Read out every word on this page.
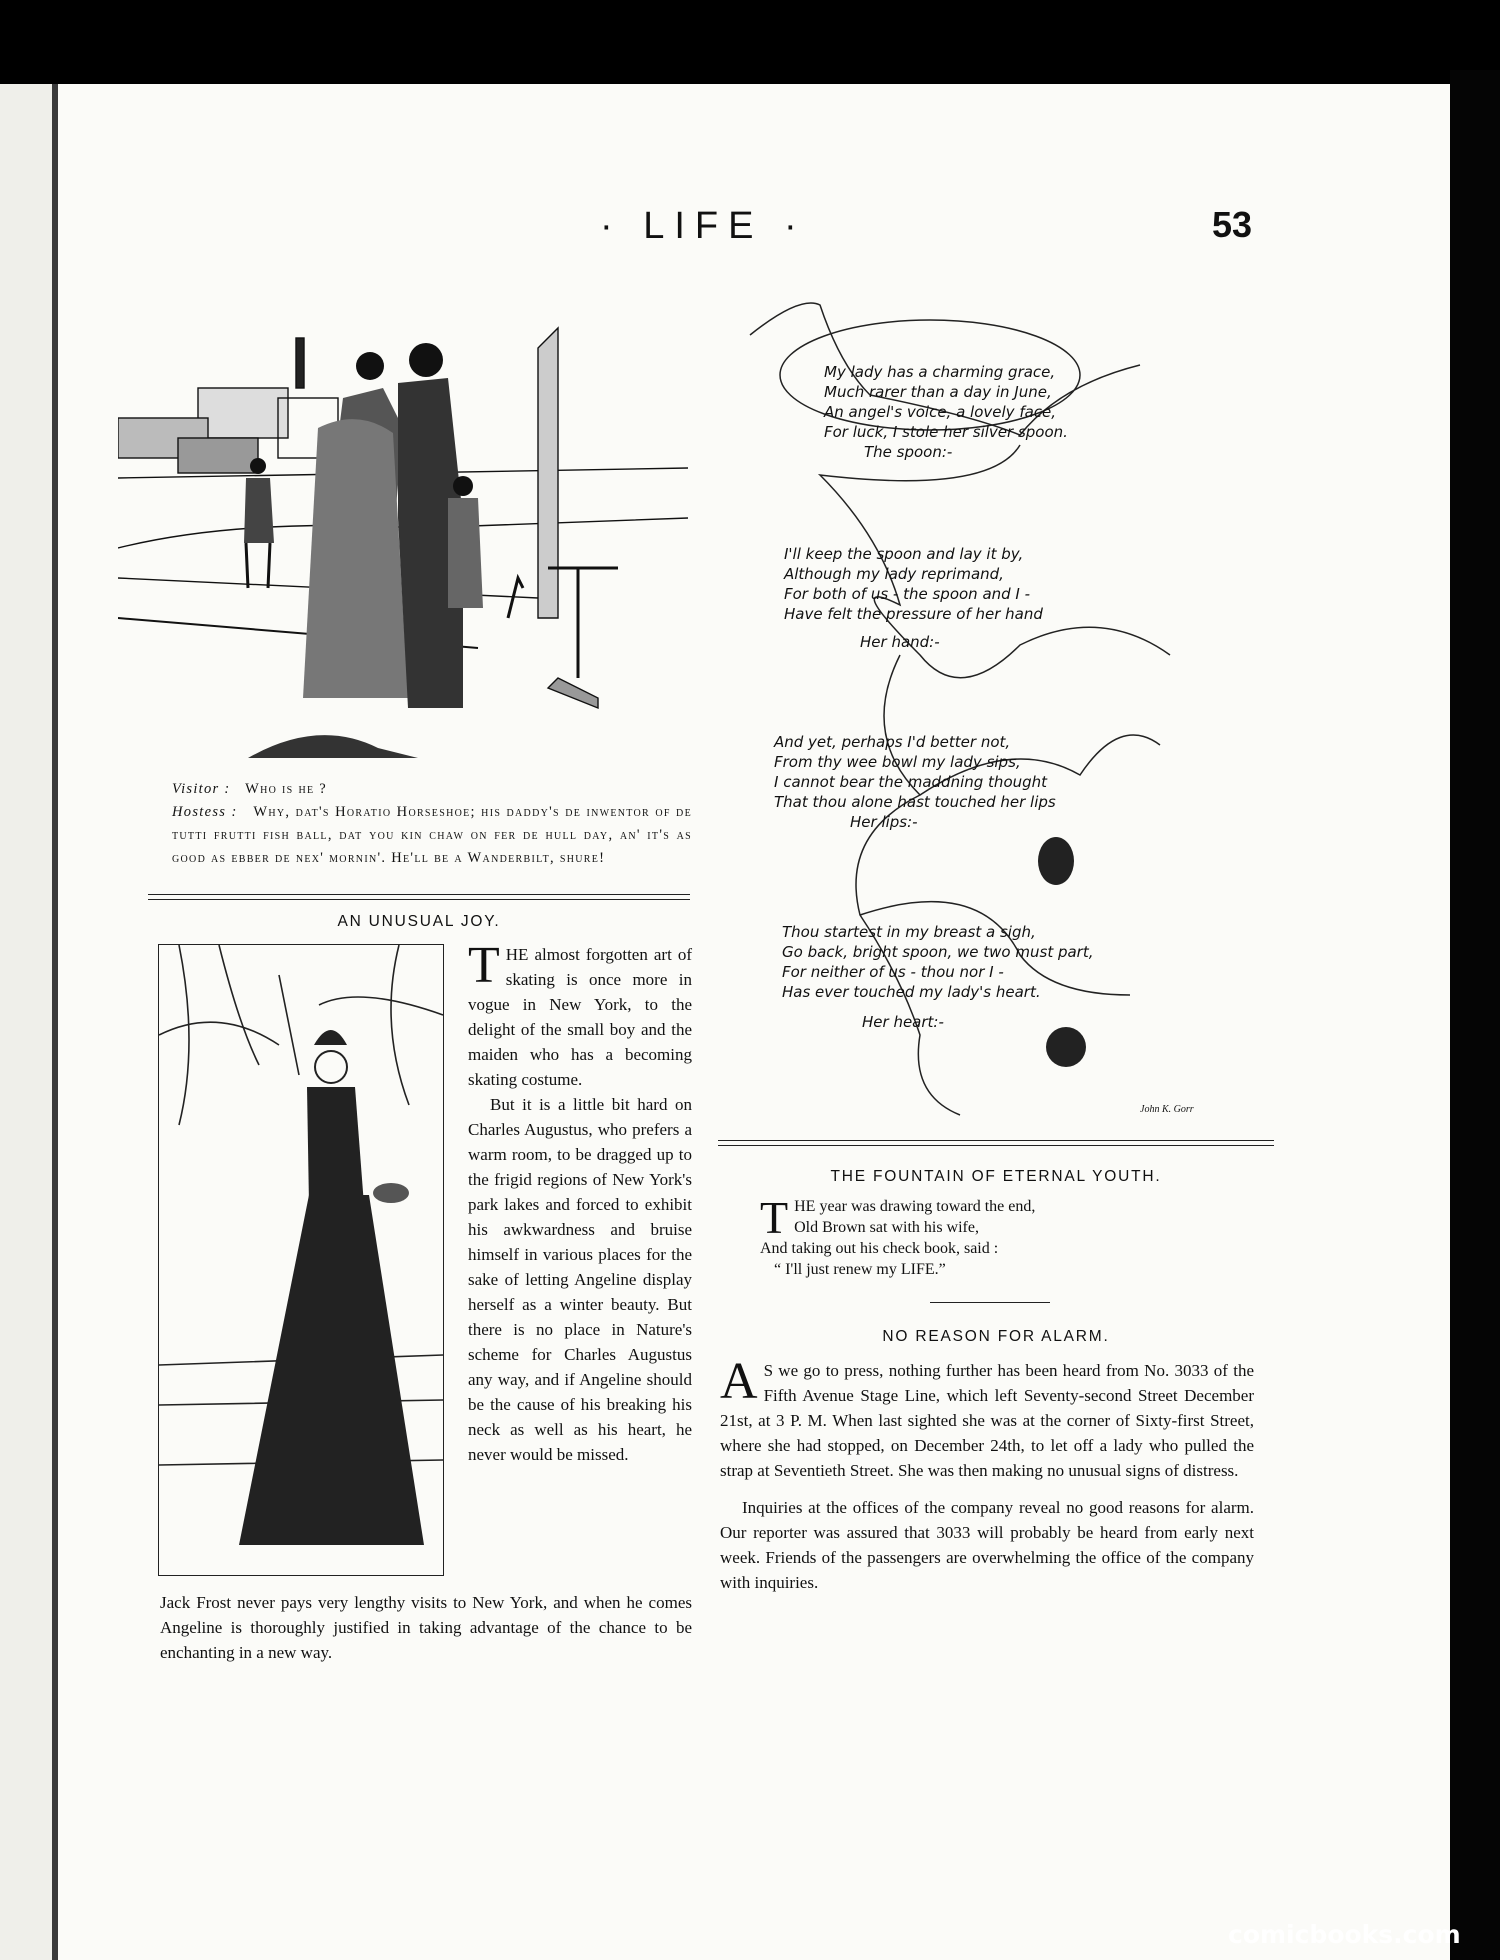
· LIFE ·	53
Visitor : Who is he ?
Hostess : Why, dat's Horatio Horseshoe; his daddy's de inwentor of de tutti frutti fish ball, dat you kin chaw on fer de hull day, an' it's as good as ebber de nex' mornin'. He'll be a Wanderbilt, shure!
AN UNUSUAL JOY.

THE almost forgotten art of skating is once more in vogue in New York, to the delight of the small boy and the maiden who has a becoming skating costume.

But it is a little bit hard on Charles Augustus, who prefers a warm room, to be dragged up to the frigid regions of New York's park lakes and forced to exhibit his awkwardness and bruise himself in various places for the sake of letting Angeline display herself as a winter beauty. But there is no place in Nature's scheme for Charles Augustus any way, and if Angeline should be the cause of his breaking his neck as well as his heart, he never would be missed.

Jack Frost never pays very lengthy visits to New York, and when he comes Angeline is thoroughly justified in taking advantage of the chance to be enchanting in a new way.
My lady has a charming grace,
Much rarer than a day in June,
An angel's voice, a lovely face,
For luck, I stole her silver spoon.
The spoon:-
I'll keep the spoon and lay it by,
Although my lady reprimand,
For both of us - the spoon and I -
Have felt the pressure of her hand
Her hand:-
And yet, perhaps I'd better not,
From thy wee bowl my lady sips,
I cannot bear the maddning thought
That thou alone hast touched her lips
Her lips:-
Thou startest in my breast a sigh,
Go back, bright spoon, we two must part,
For neither of us - thou nor I -
Has ever touched my lady's heart.
Her heart:-
John K. Gorr
THE FOUNTAIN OF ETERNAL YOUTH.
THE year was drawing toward the end,
Old Brown sat with his wife,
And taking out his check book, said :
“ I'll just renew my LIFE.”
NO REASON FOR ALARM.

A S we go to press, nothing further has been heard from No. 3033 of the Fifth Avenue Stage Line, which left Seventy-second Street December 21st, at 3 P. M. When last sighted she was at the corner of Sixty-first Street, where she had stopped, on December 24th, to let off a lady who pulled the strap at Seventieth Street. She was then making no unusual signs of distress.

Inquiries at the offices of the company reveal no good reasons for alarm. Our reporter was assured that 3033 will probably be heard from early next week. Friends of the passengers are overwhelming the office of the company with inquiries.

comicbooks.com
